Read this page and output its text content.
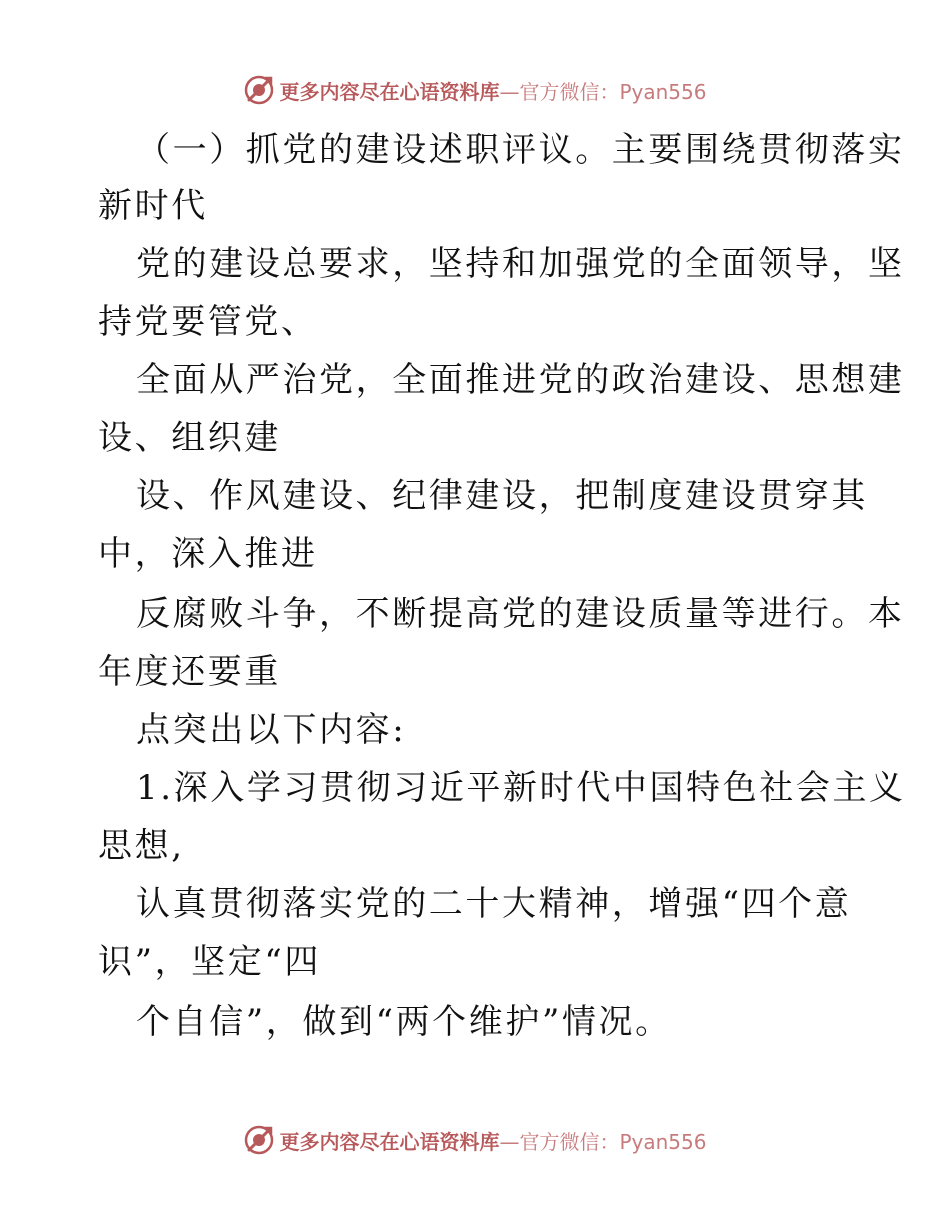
更多内容尽在心语资料库—官方微信：Pyan556
（一）抓党的建设述职评议。主要围绕贯彻落实
新时代
党的建设总要求，坚持和加强党的全面领导，坚
持党要管党、
全面从严治党，全面推进党的政治建设、思想建
设、组织建
设、作风建设、纪律建设，把制度建设贯穿其
中，深入推进
反腐败斗争，不断提高党的建设质量等进行。本
年度还要重
点突出以下内容:
1.深入学习贯彻习近平新时代中国特色社会主义
思想,
认真贯彻落实党的二十大精神，增强“四个意
识”，坚定“四
个自信”，做到“两个维护”情况。
更多内容尽在心语资料库—官方微信：Pyan556
